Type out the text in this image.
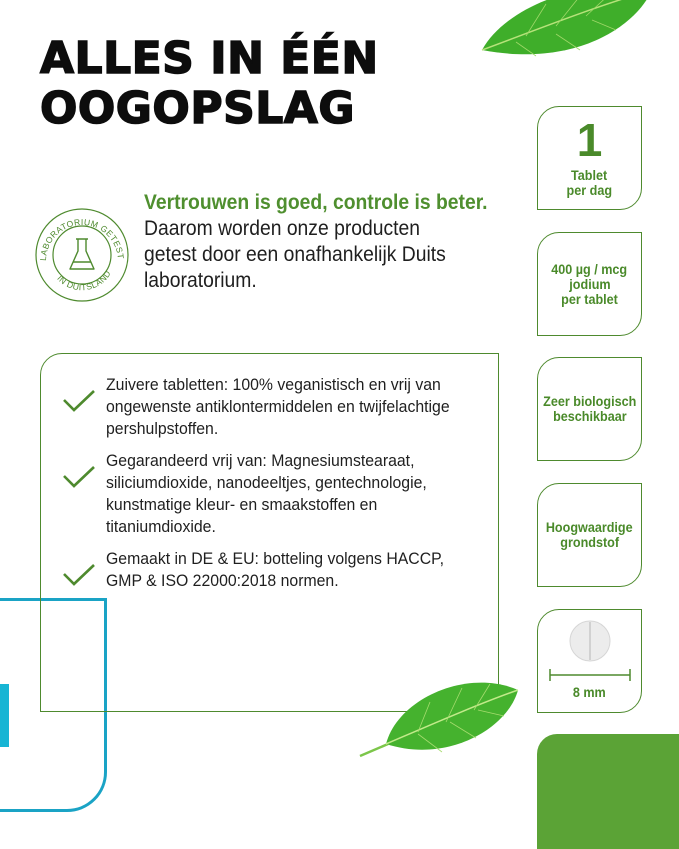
ALLES IN ÉÉN
OOGOPSLAG
LABORATORIUM GETEST
IN DUITSLAND
Vertrouwen is goed, controle is beter.
Daarom worden onze producten
getest door een onafhankelijk Duits
laboratorium.
Zuivere tabletten: 100% veganistisch en vrij van
ongewenste antiklontermiddelen en twijfelachtige
pershulpstoffen.
Gegarandeerd vrij van: Magnesiumstearaat,
siliciumdioxide, nanodeeltjes, gentechnologie,
kunstmatige kleur- en smaakstoffen en
titaniumdioxide.
Gemaakt in DE & EU: botteling volgens HACCP,
GMP & ISO 22000:2018 normen.
1
Tablet
per dag
400 µg / mcg
jodium
per tablet
Zeer biologisch
beschikbaar
Hoogwaardige
grondstof
8 mm
